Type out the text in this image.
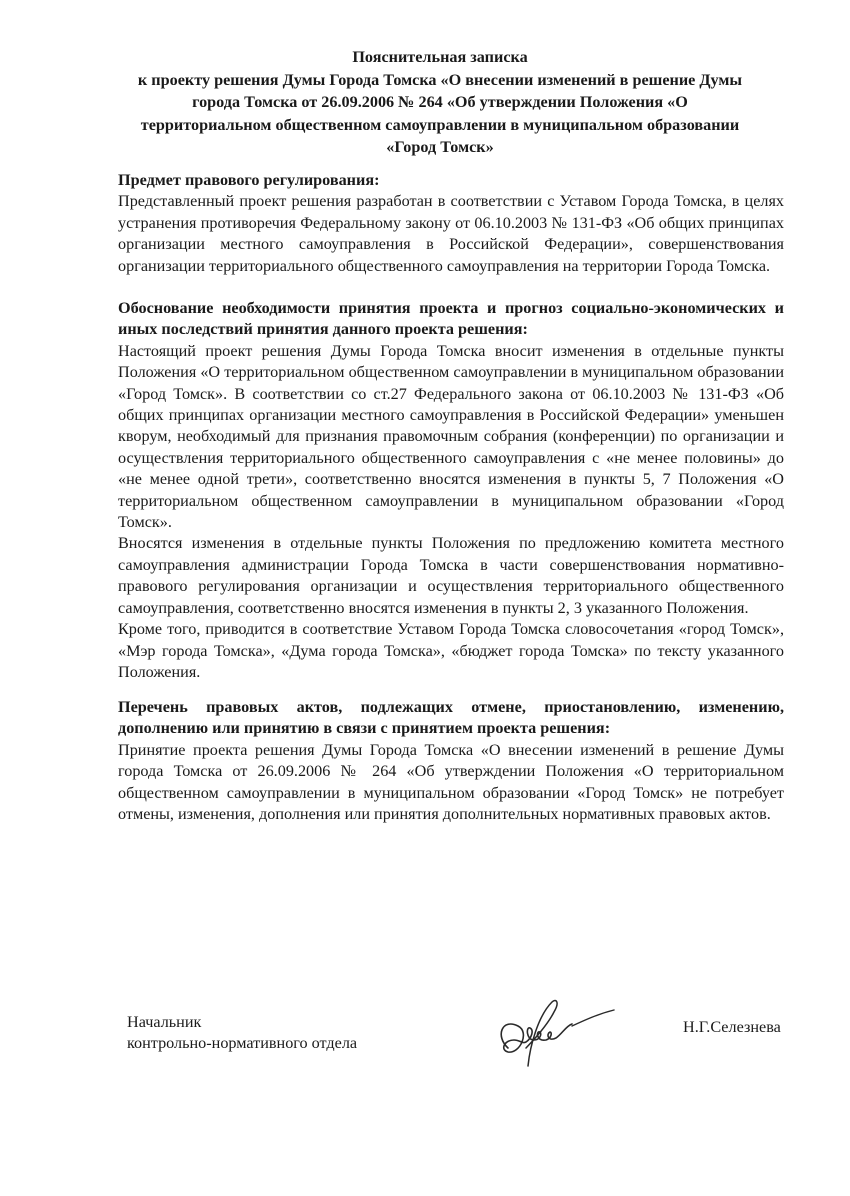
Пояснительная записка
к проекту решения Думы Города Томска «О внесении изменений в решение Думы
города Томска от 26.09.2006 № 264 «Об утверждении Положения «О
территориальном общественном самоуправлении в муниципальном образовании
«Город Томск»
Предмет правового регулирования:

Представленный проект решения разработан в соответствии с Уставом Города Томска, в целях устранения противоречия Федеральному закону от 06.10.2003 № 131-ФЗ «Об общих принципах организации местного самоуправления в Российской Федерации», совершенствования организации территориального общественного самоуправления на территории Города Томска.

Обоснование необходимости принятия проекта и прогноз социально-экономических и иных последствий принятия данного проекта решения:

Настоящий проект решения Думы Города Томска вносит изменения в отдельные пункты Положения «О территориальном общественном самоуправлении в муниципальном образовании «Город Томск». В соответствии со ст.27 Федерального закона от 06.10.2003 № 131-ФЗ «Об общих принципах организации местного самоуправления в Российской Федерации» уменьшен кворум, необходимый для признания правомочным собрания (конференции) по организации и осуществления территориального общественного самоуправления с «не менее половины» до «не менее одной трети», соответственно вносятся изменения в пункты 5, 7 Положения «О территориальном общественном самоуправлении в муниципальном образовании «Город Томск».

Вносятся изменения в отдельные пункты Положения по предложению комитета местного самоуправления администрации Города Томска в части совершенствования нормативно-правового регулирования организации и осуществления территориального общественного самоуправления, соответственно вносятся изменения в пункты 2, 3 указанного Положения.

Кроме того, приводится в соответствие Уставом Города Томска словосочетания «город Томск», «Мэр города Томска», «Дума города Томска», «бюджет города Томска» по тексту указанного Положения.

Перечень правовых актов, подлежащих отмене, приостановлению, изменению, дополнению или принятию в связи с принятием проекта решения:

Принятие проекта решения Думы Города Томска «О внесении изменений в решение Думы города Томска от 26.09.2006 № 264 «Об утверждении Положения «О территориальном общественном самоуправлении в муниципальном образовании «Город Томск» не потребует отмены, изменения, дополнения или принятия дополнительных нормативных правовых актов.

Начальник
контрольно-нормативного отдела
Н.Г.Селезнева
